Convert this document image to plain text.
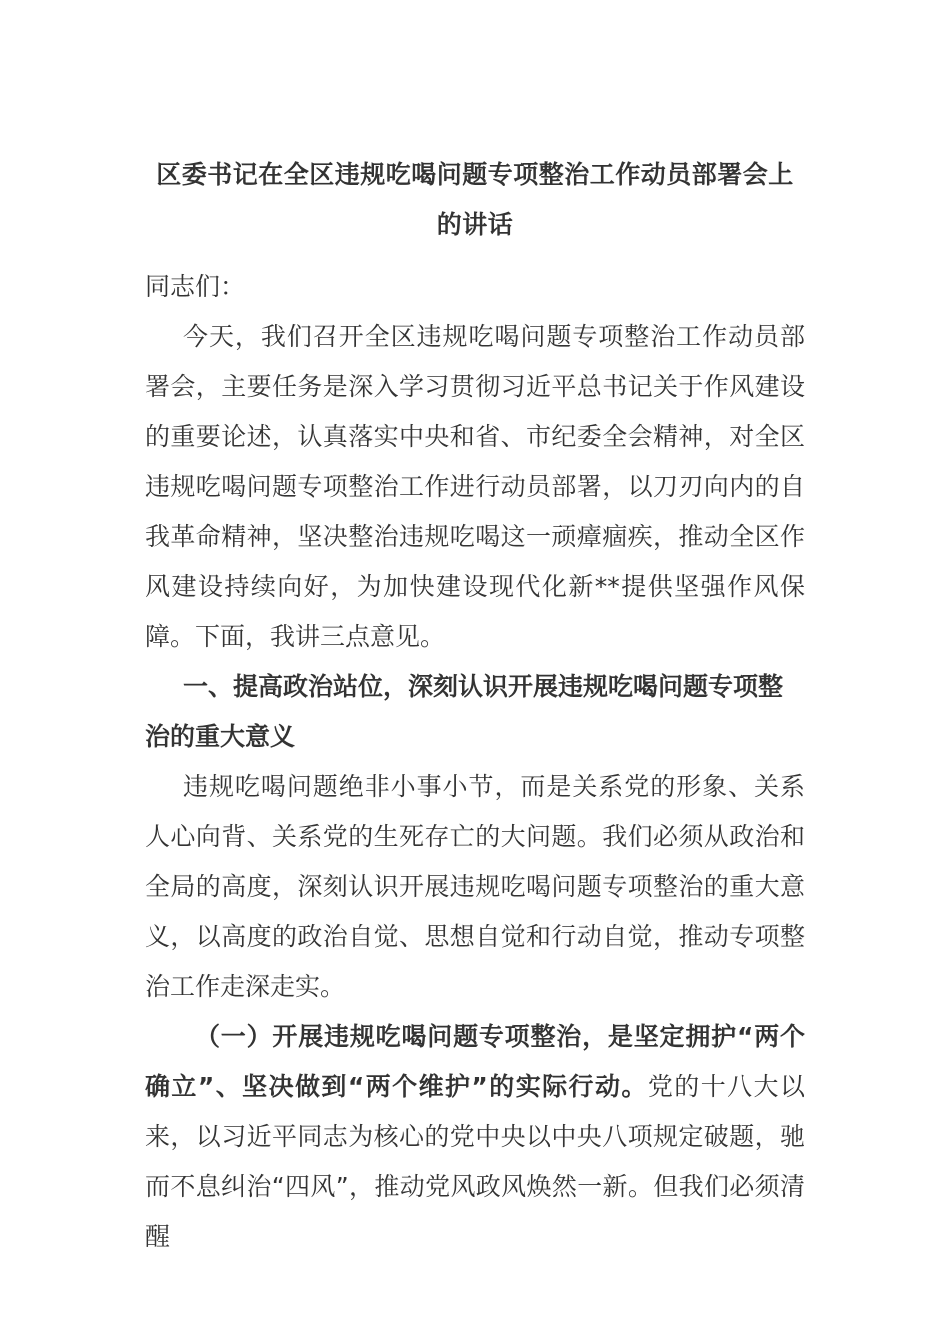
区委书记在全区违规吃喝问题专项整治工作动员部署会上的讲话

同志们：

今天，我们召开全区违规吃喝问题专项整治工作动员部署会，主要任务是深入学习贯彻习近平总书记关于作风建设的重要论述，认真落实中央和省、市纪委全会精神，对全区违规吃喝问题专项整治工作进行动员部署，以刀刃向内的自我革命精神，坚决整治违规吃喝这一顽瘴痼疾，推动全区作风建设持续向好，为加快建设现代化新**提供坚强作风保障。下面，我讲三点意见。

一、提高政治站位，深刻认识开展违规吃喝问题专项整治的重大意义

违规吃喝问题绝非小事小节，而是关系党的形象、关系人心向背、关系党的生死存亡的大问题。我们必须从政治和全局的高度，深刻认识开展违规吃喝问题专项整治的重大意义，以高度的政治自觉、思想自觉和行动自觉，推动专项整治工作走深走实。

（一）开展违规吃喝问题专项整治，是坚定拥护“两个确立”、坚决做到“两个维护”的实际行动。党的十八大以来，以习近平同志为核心的党中央以中央八项规定破题，驰而不息纠治“四风”，推动党风政风焕然一新。但我们必须清醒
